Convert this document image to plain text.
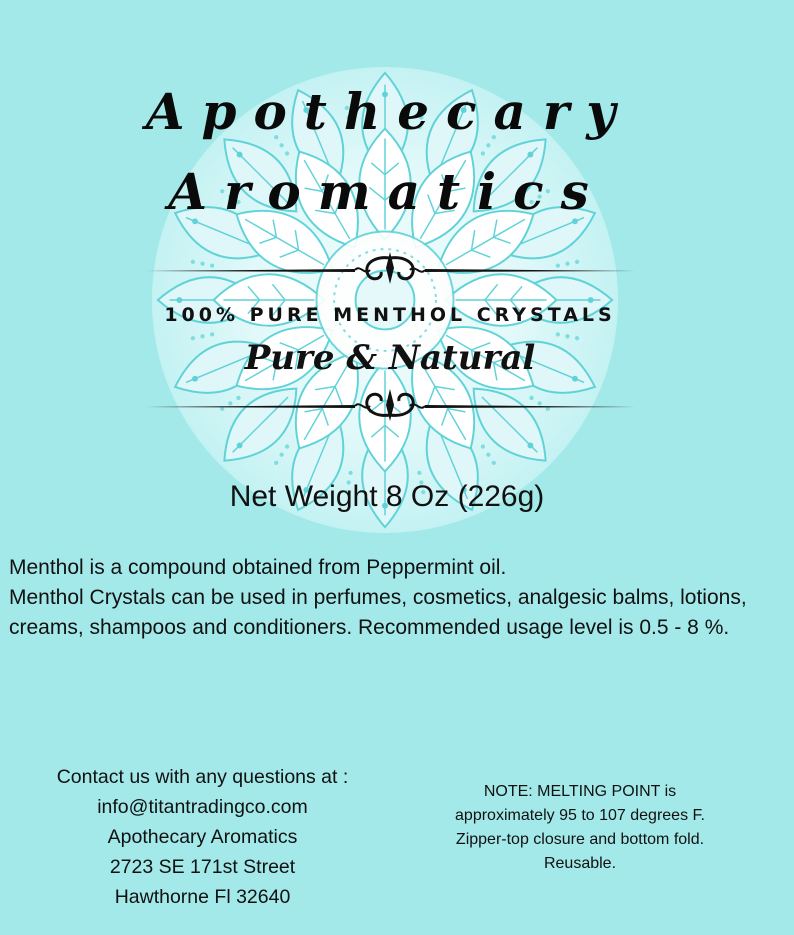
Apothecary
Aromatics
100% PURE MENTHOL CRYSTALS
Pure & Natural
Net Weight 8 Oz (226g)

Menthol is a compound obtained from Peppermint oil.

Menthol Crystals can be used in perfumes, cosmetics, analgesic balms, lotions, creams, shampoos and conditioners. Recommended usage level is 0.5 - 8 %.

Contact us with any questions at :
info@titantradingco.com
Apothecary Aromatics
2723 SE 171st Street
Hawthorne Fl 32640
NOTE: MELTING POINT is approximately 95 to 107 degrees F.
Zipper-top closure and bottom fold. Reusable.
